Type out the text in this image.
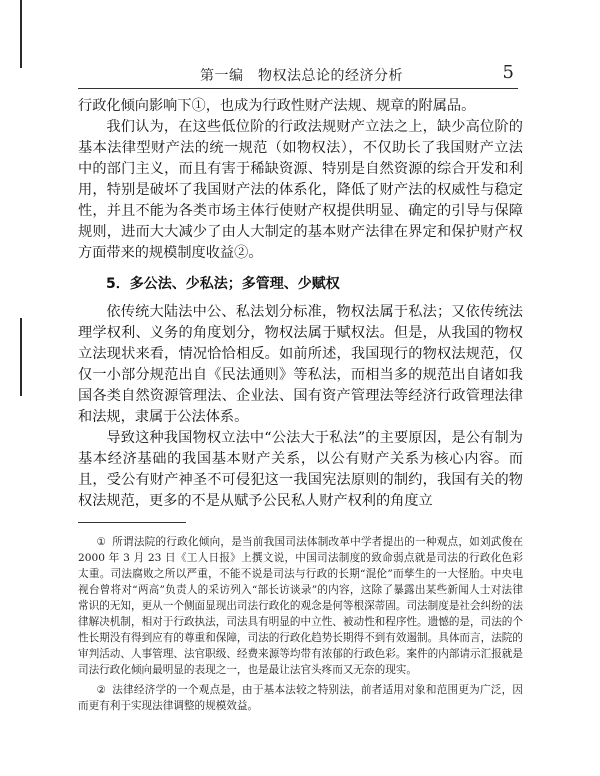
第一编　物权法总论的经济分析	5

行政化倾向影响下①，也成为行政性财产法规、规章的附属品。

我们认为，在这些低位阶的行政法规财产立法之上，缺少高位阶的基本法律型财产法的统一规范（如物权法），不仅助长了我国财产立法中的部门主义，而且有害于稀缺资源、特别是自然资源的综合开发和利用，特别是破坏了我国财产法的体系化，降低了财产法的权威性与稳定性，并且不能为各类市场主体行使财产权提供明显、确定的引导与保障规则，进而大大减少了由人大制定的基本财产法律在界定和保护财产权方面带来的规模制度收益②。

5．多公法、少私法；多管理、少赋权

依传统大陆法中公、私法划分标准，物权法属于私法；又依传统法理学权利、义务的角度划分，物权法属于赋权法。但是，从我国的物权立法现状来看，情况恰恰相反。如前所述，我国现行的物权法规范，仅仅一小部分规范出自《民法通则》等私法，而相当多的规范出自诸如我国各类自然资源管理法、企业法、国有资产管理法等经济行政管理法律和法规，隶属于公法体系。

导致这种我国物权立法中“公法大于私法”的主要原因，是公有制为基本经济基础的我国基本财产关系，以公有财产关系为核心内容。而且，受公有财产神圣不可侵犯这一我国宪法原则的制约，我国有关的物权法规范，更多的不是从赋予公民私人财产权利的角度立

① 所谓法院的行政化倾向，是当前我国司法体制改革中学者提出的一种观点，如刘武俊在 2000 年 3 月 23 日《工人日报》上撰文说，中国司法制度的致命弱点就是司法的行政化色彩太重。司法腐败之所以严重，不能不说是司法与行政的长期“混伦”而孳生的一大怪胎。中央电视台曾将对“两高”负责人的采访列入“部长访谈录”的内容，这除了暴露出某些新闻人士对法律常识的无知，更从一个侧面显现出司法行政化的观念是何等根深蒂固。司法制度是社会纠纷的法律解决机制，相对于行政执法，司法具有明显的中立性、被动性和程序性。遗憾的是，司法的个性长期没有得到应有的尊重和保障，司法的行政化趋势长期得不到有效遏制。具体而言，法院的审判活动、人事管理、法官职级、经费来源等均带有浓郁的行政色彩。案件的内部请示汇报就是司法行政化倾向最明显的表现之一，也是最让法官头疼而又无奈的现实。

② 法律经济学的一个观点是，由于基本法较之特别法，前者适用对象和范围更为广泛，因而更有利于实现法律调整的规模效益。
